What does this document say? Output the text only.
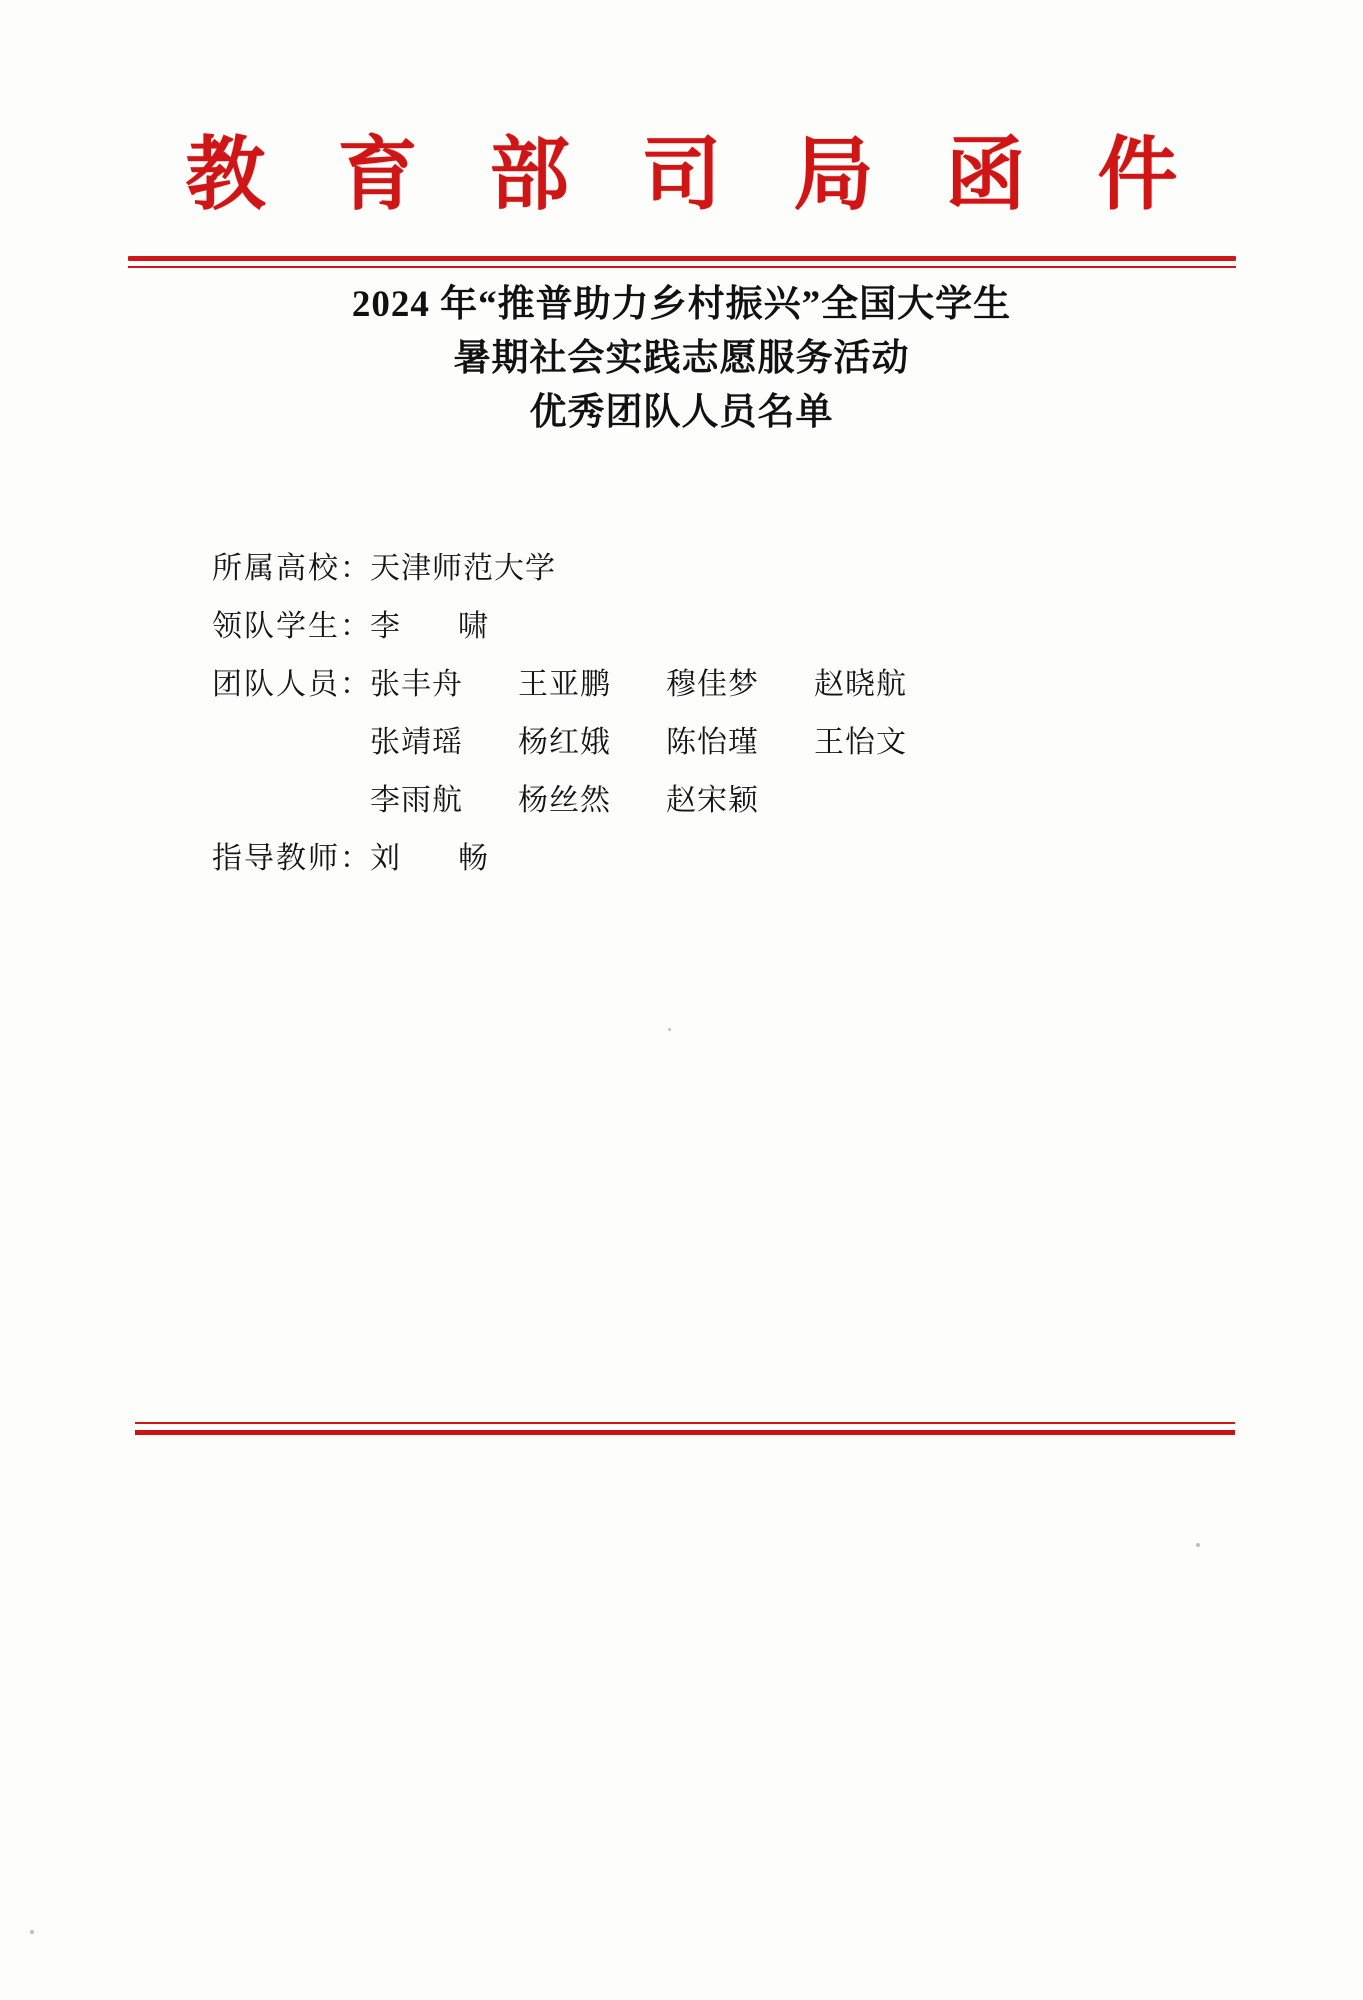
教 育 部 司 局 函 件
2024 年“推普助力乡村振兴”全国大学生
暑期社会实践志愿服务活动
优秀团队人员名单
所属高校：
天津师范大学
领队学生：
李　啸
团队人员：
张丰舟 王亚鹏 穆佳梦 赵晓航
张靖瑶 杨红娥 陈怡瑾 王怡文
李雨航 杨丝然 赵宋颖
指导教师：
刘　畅
